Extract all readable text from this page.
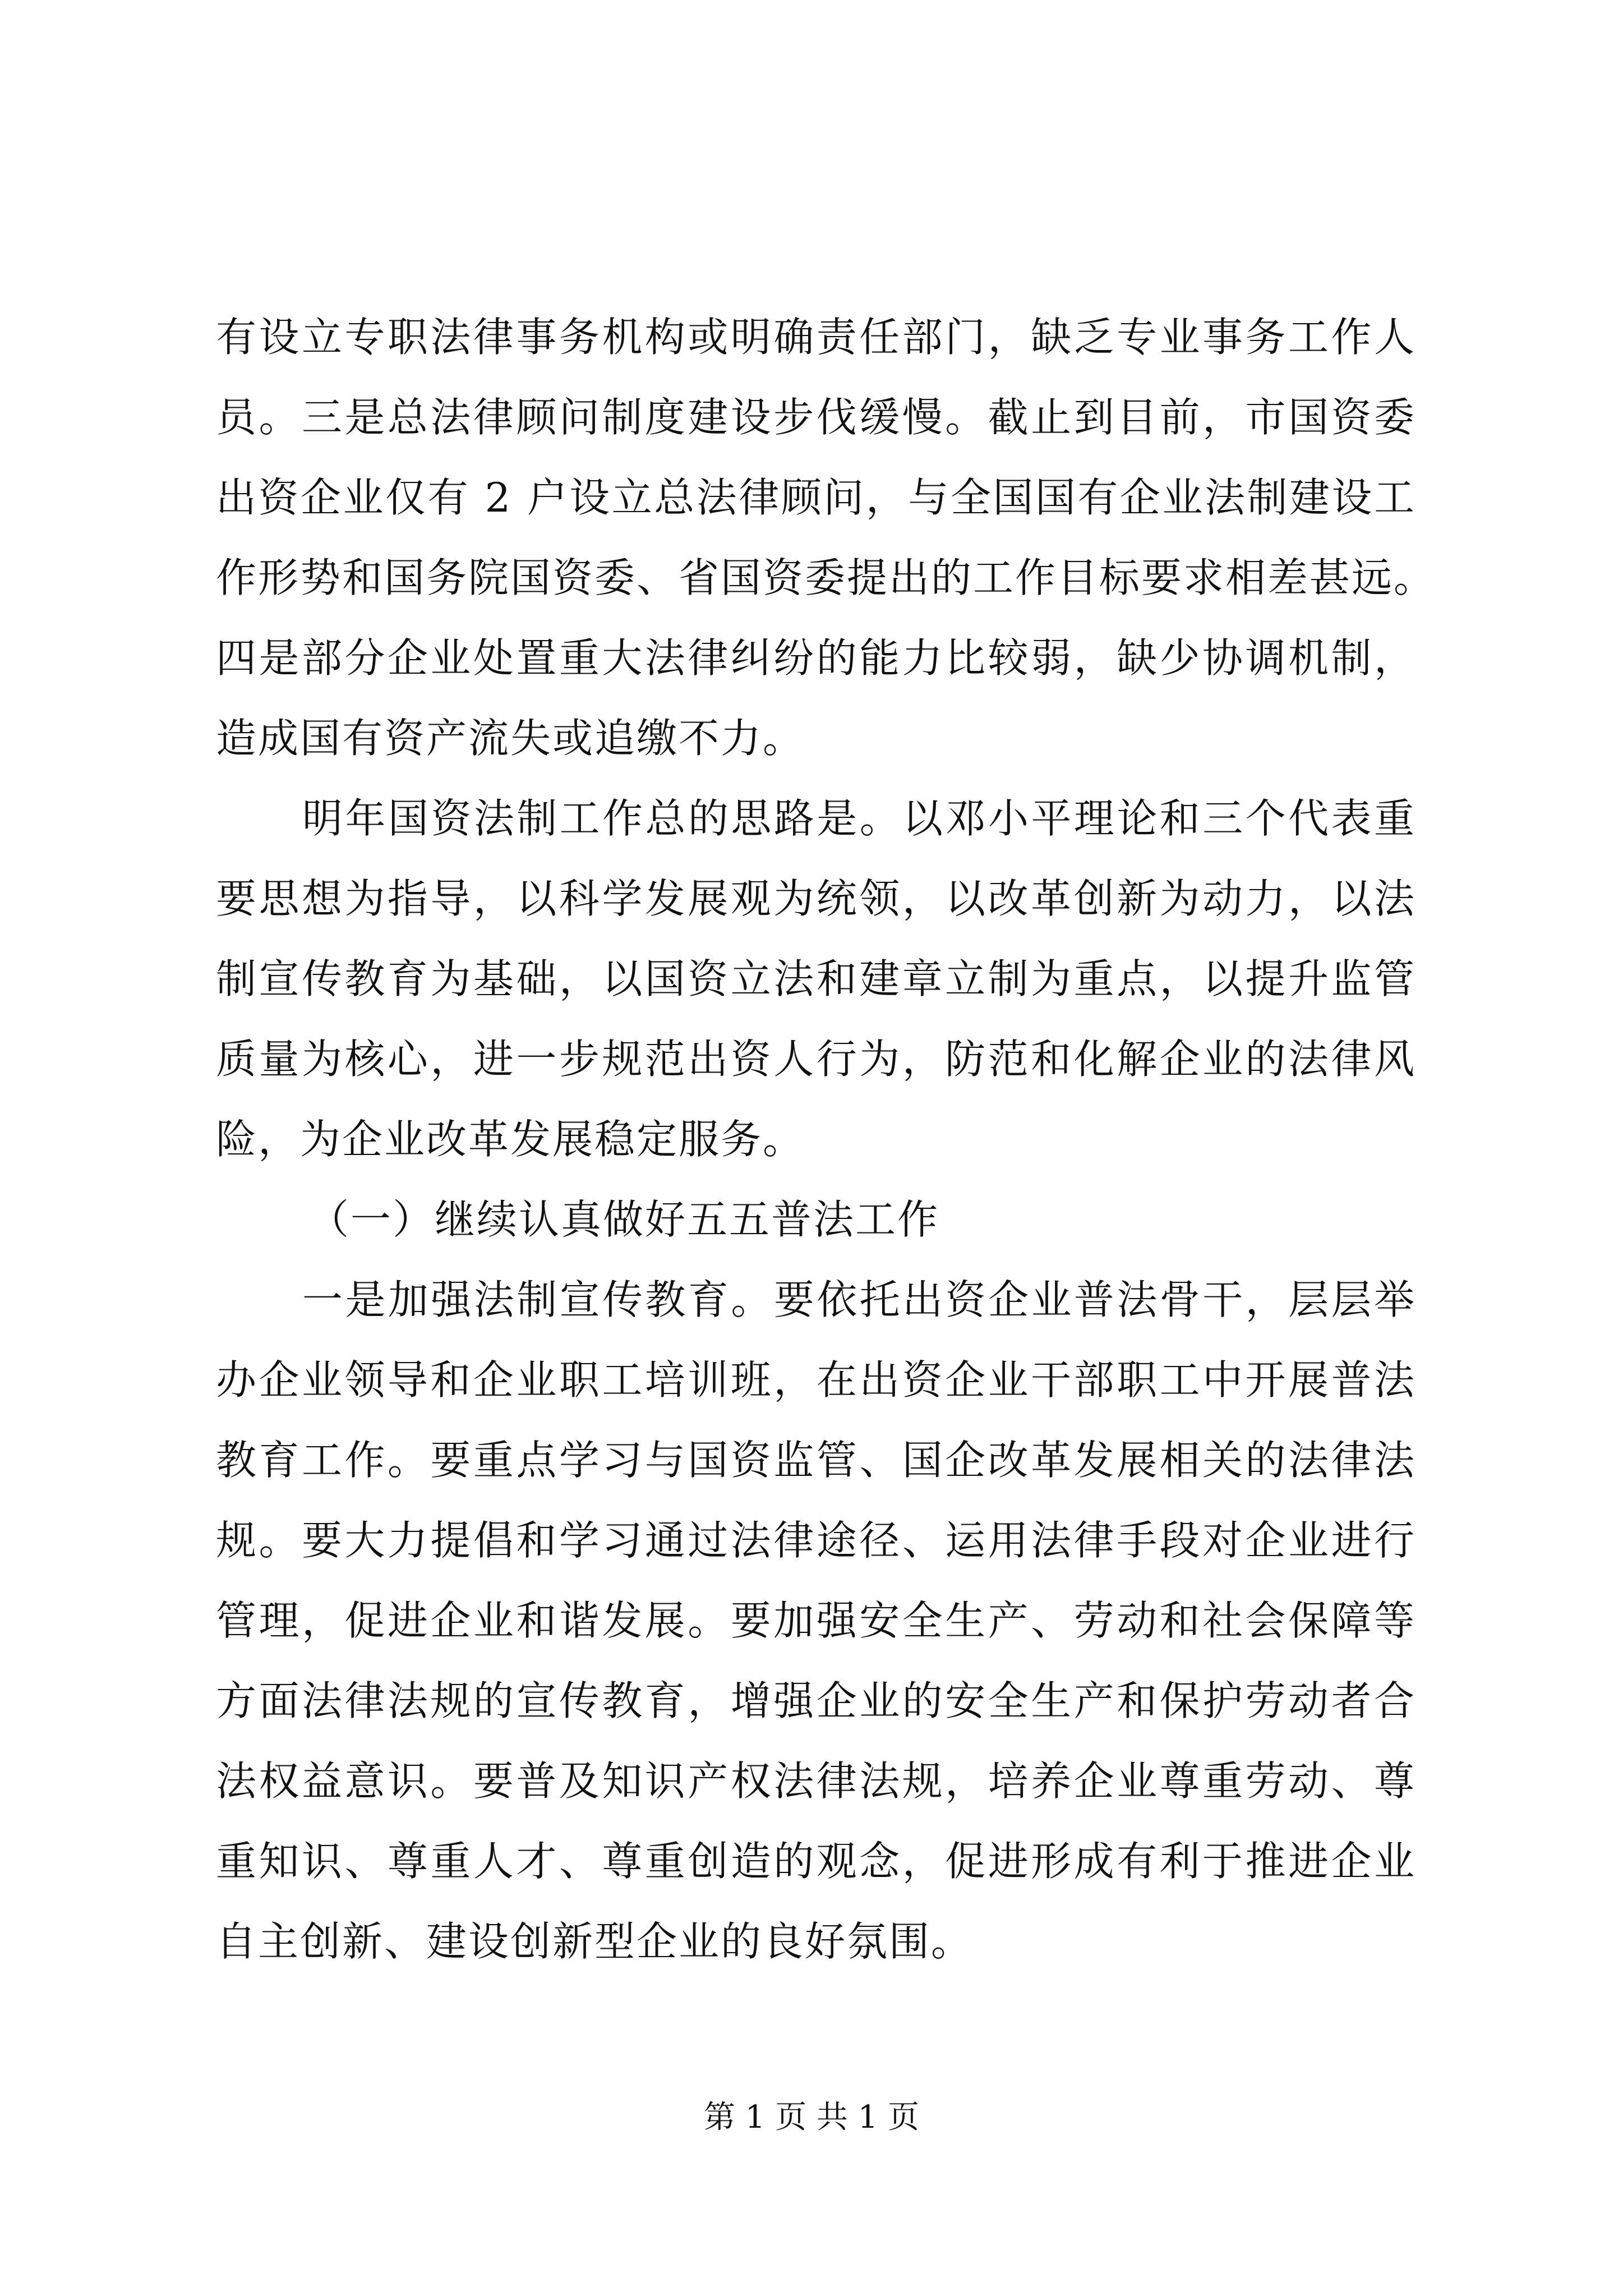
有设立专职法律事务机构或明确责任部门，缺乏专业事务工作人
员。三是总法律顾问制度建设步伐缓慢。截止到目前，市国资委
出资企业仅有 2 户设立总法律顾问，与全国国有企业法制建设工
作形势和国务院国资委、省国资委提出的工作目标要求相差甚远。
四是部分企业处置重大法律纠纷的能力比较弱，缺少协调机制，
造成国有资产流失或追缴不力。
明年国资法制工作总的思路是。以邓小平理论和三个代表重
要思想为指导，以科学发展观为统领，以改革创新为动力，以法
制宣传教育为基础，以国资立法和建章立制为重点，以提升监管
质量为核心，进一步规范出资人行为，防范和化解企业的法律风
险，为企业改革发展稳定服务。
（一）继续认真做好五五普法工作
一是加强法制宣传教育。要依托出资企业普法骨干，层层举
办企业领导和企业职工培训班，在出资企业干部职工中开展普法
教育工作。要重点学习与国资监管、国企改革发展相关的法律法
规。要大力提倡和学习通过法律途径、运用法律手段对企业进行
管理，促进企业和谐发展。要加强安全生产、劳动和社会保障等
方面法律法规的宣传教育，增强企业的安全生产和保护劳动者合
法权益意识。要普及知识产权法律法规，培养企业尊重劳动、尊
重知识、尊重人才、尊重创造的观念，促进形成有利于推进企业
自主创新、建设创新型企业的良好氛围。
第 1 页 共 1 页
